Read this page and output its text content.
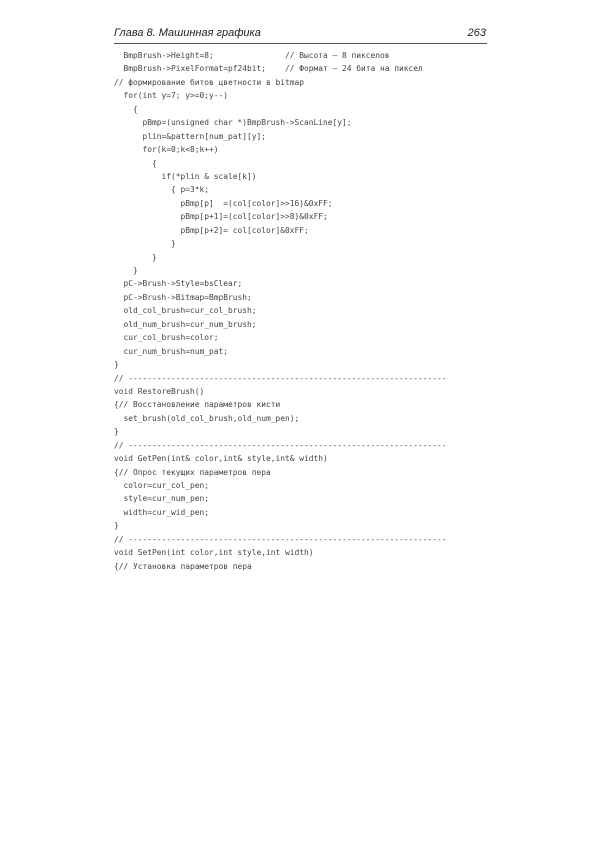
Глава 8. Машинная графика	263
BmpBrush->Height=8;               // Высота — 8 пикселов
BmpBrush->PixelFormat=pf24bit;    // Формат — 24 бита на пиксел
// формирование битов цветности в bitmap
for(int y=7; y>=0;y--)
{
pBmp=(unsigned char *)BmpBrush->ScanLine[y];
plin=&pattern[num_pat][y];
for(k=0;k<8;k++)
{
if(*plin & scale[k])
{ p=3*k;
pBmp[p]  =(col[color]>>16)&0xFF;
pBmp[p+1]=(col[color]>>8)&0xFF;
pBmp[p+2]= col[color]&0xFF;
}
}
}
pC->Brush->Style=bsClear;
pC->Brush->Bitmap=BmpBrush;
old_col_brush=cur_col_brush;
old_num_brush=cur_num_brush;
cur_col_brush=color;
cur_num_brush=num_pat;
}
// -------------------------------------------------------------------
void RestoreBrush()
{// Восстановление параметров кисти
set_brush(old_col_brush,old_num_pen);
}
// -------------------------------------------------------------------
void GetPen(int& color,int& style,int& width)
{// Опрос текущих параметров пера
color=cur_col_pen;
style=cur_num_pen;
width=cur_wid_pen;
}
// -------------------------------------------------------------------
void SetPen(int color,int style,int width)
{// Установка параметров пера
